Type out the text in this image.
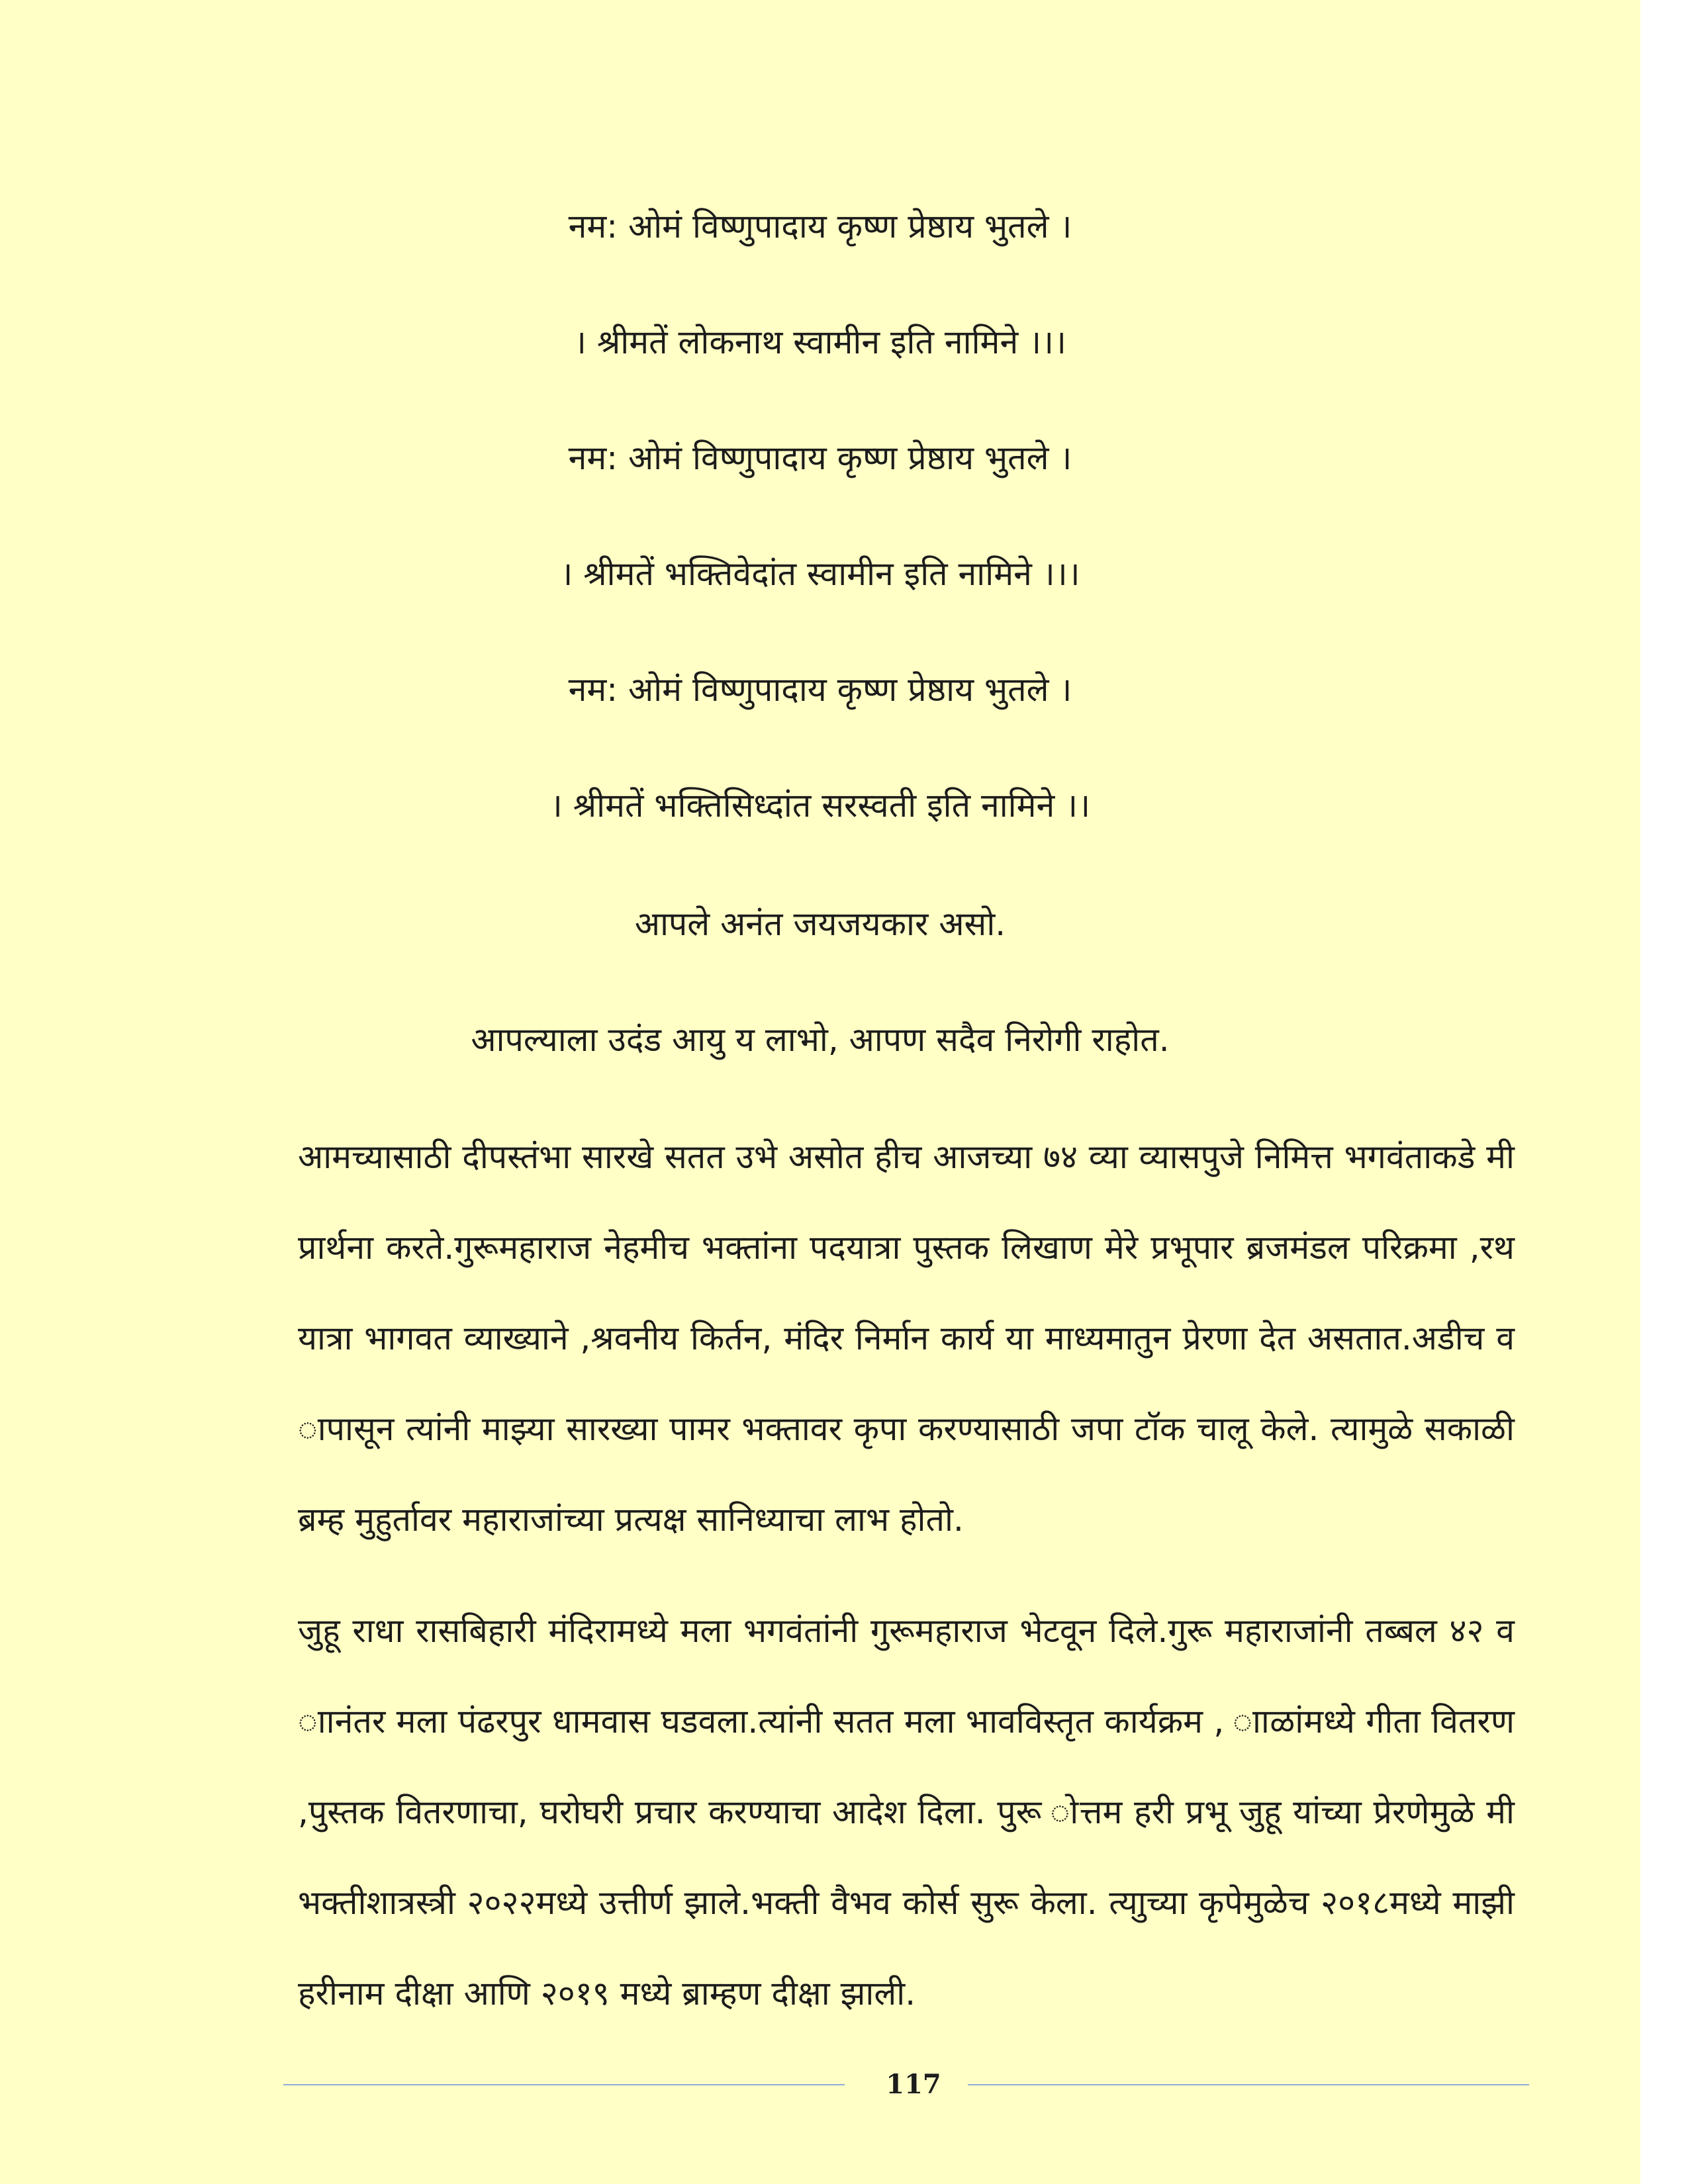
नम: ओमं विष्णुपादाय कृष्ण प्रेष्ठाय भुतले ।
। श्रीमतें लोकनाथ स्वामीन इति नामिने ।।।
नम: ओमं विष्णुपादाय कृष्ण प्रेष्ठाय भुतले ।
। श्रीमतें भक्तिवेदांत स्वामीन इति नामिने ।।।
नम: ओमं विष्णुपादाय कृष्ण प्रेष्ठाय भुतले ।
। श्रीमतें भक्तिसिध्दांत सरस्वती इति नामिने ।।
आपले अनंत जयजयकार असो.
आपल्याला उदंड आयु य लाभो, आपण सदैव निरोगी राहोत.

आमच्यासाठी दीपस्तंभा सारखे सतत उभे असोत हीच आजच्या ७४ व्या व्यासपुजे निमित्त भगवंताकडे मी प्रार्थना करते.गुरूमहाराज नेहमीच भक्तांना पदयात्रा पुस्तक लिखाण मेरे प्रभूपार ब्रजमंडल परिक्रमा ,रथ यात्रा भागवत व्याख्याने ,श्रवनीय किर्तन, मंदिर निर्मान कार्य या माध्यमातुन प्रेरणा देत असतात.अडीच व ापासून त्यांनी माझ्या सारख्या पामर भक्तावर कृपा करण्यासाठी जपा टॉक चालू केले. त्यामुळे सकाळी ब्रम्ह मुहुर्तावर महाराजांच्या प्रत्यक्ष सानिध्याचा लाभ होतो.

जुहू राधा रासबिहारी मंदिरामध्ये मला भगवंतांनी गुरूमहाराज भेटवून दिले.गुरू महाराजांनी तब्बल ४२ व ाानंतर मला पंढरपुर धामवास घडवला.त्यांनी सतत मला भावविस्तृत कार्यक्रम , ााळांमध्ये गीता वितरण ,पुस्तक वितरणाचा, घरोघरी प्रचार करण्याचा आदेश दिला. पुरू ोत्तम हरी प्रभू जुहू यांच्या प्रेरणेमुळे मी भक्तीशात्रस्त्री २०२२मध्ये उत्तीर्ण झाले.भक्ती वैभव कोर्स सुरू केला. त्याुच्या कृपेमुळेच २०१८मध्ये माझी हरीनाम दीक्षा आणि २०१९ मध्ये ब्राम्हण दीक्षा झाली.

117
